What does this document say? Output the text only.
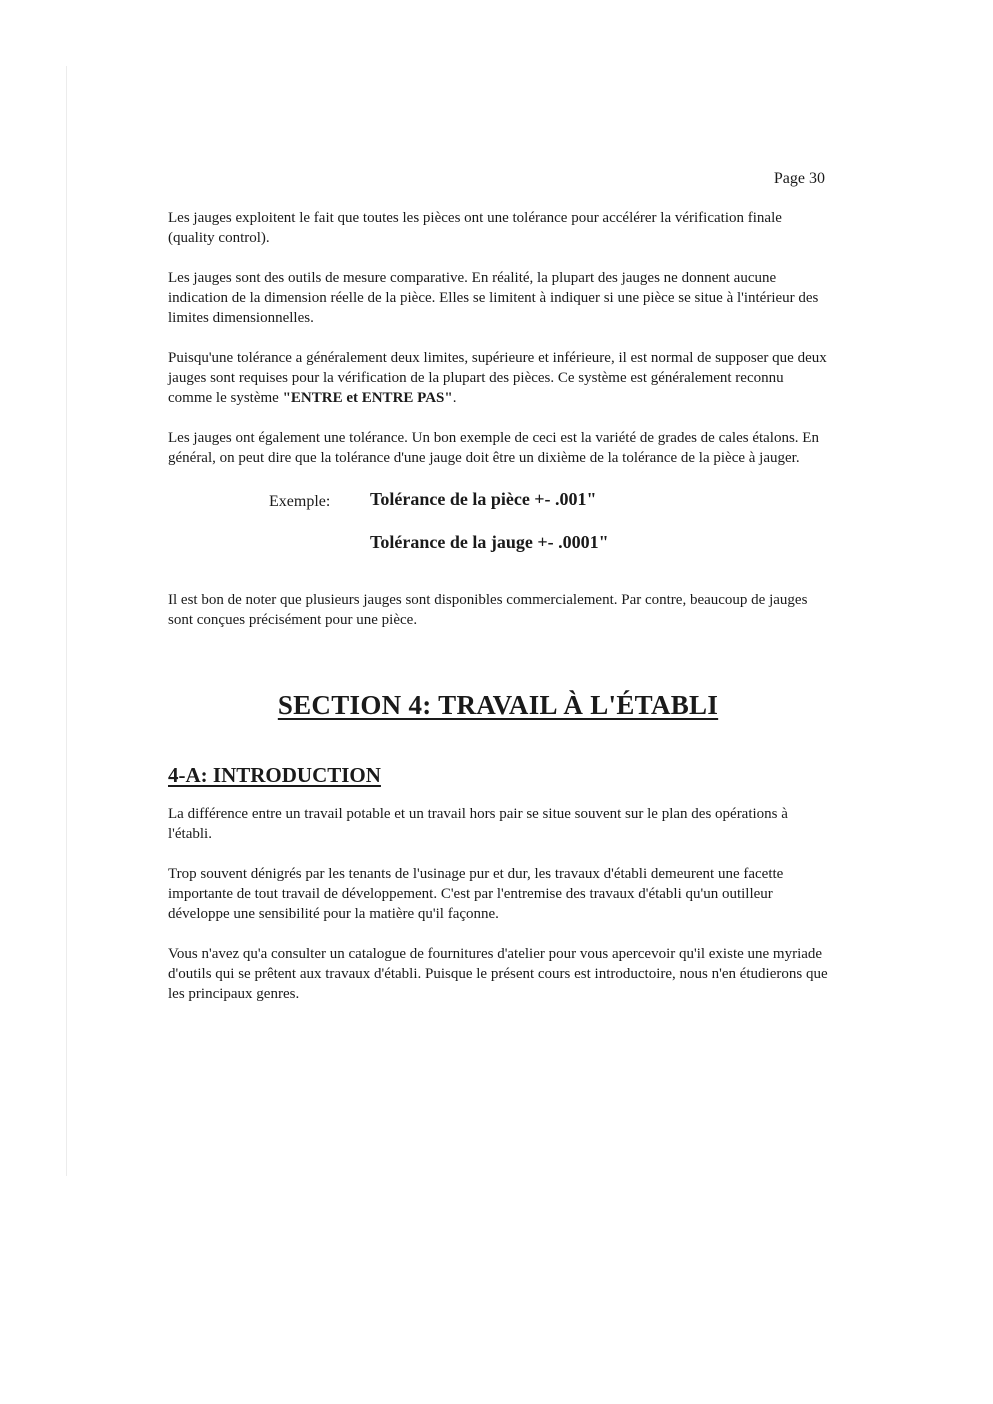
Page 30

Les jauges exploitent le fait que toutes les pièces ont une tolérance pour accélérer la vérification finale (quality control).

Les jauges sont des outils de mesure comparative. En réalité, la plupart des jauges ne donnent aucune indication de la dimension réelle de la pièce. Elles se limitent à indiquer si une pièce se situe à l'intérieur des limites dimensionnelles.

Puisqu'une tolérance a généralement deux limites, supérieure et inférieure, il est normal de supposer que deux jauges sont requises pour la vérification de la plupart des pièces. Ce système est généralement reconnu comme le système "ENTRE et ENTRE PAS".

Les jauges ont également une tolérance. Un bon exemple de ceci est la variété de grades de cales étalons. En général, on peut dire que la tolérance d'une jauge doit être un dixième de la tolérance de la pièce à jauger.

Exemple: Tolérance de la pièce +- .001"
Tolérance de la jauge +- .0001"

Il est bon de noter que plusieurs jauges sont disponibles commercialement. Par contre, beaucoup de jauges sont conçues précisément pour une pièce.

SECTION 4: TRAVAIL À L'ÉTABLI
4-A: INTRODUCTION

La différence entre un travail potable et un travail hors pair se situe souvent sur le plan des opérations à l'établi.

Trop souvent dénigrés par les tenants de l'usinage pur et dur, les travaux d'établi demeurent une facette importante de tout travail de développement. C'est par l'entremise des travaux d'établi qu'un outilleur développe une sensibilité pour la matière qu'il façonne.

Vous n'avez qu'a consulter un catalogue de fournitures d'atelier pour vous apercevoir qu'il existe une myriade d'outils qui se prêtent aux travaux d'établi. Puisque le présent cours est introductoire, nous n'en étudierons que les principaux genres.
